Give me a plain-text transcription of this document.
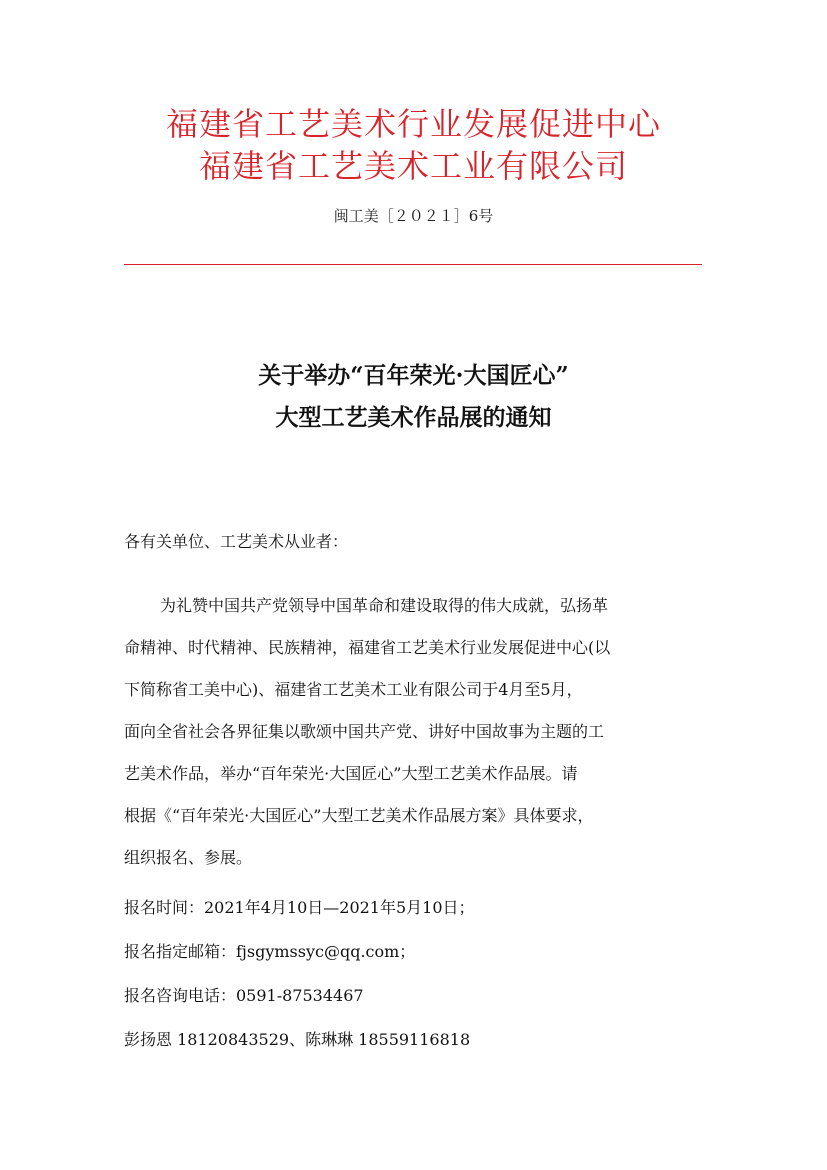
福建省工艺美术行业发展促进中心
福建省工艺美术工业有限公司
闽工美［２０２１］6号
关于举办“百年荣光·大国匠心”
大型工艺美术作品展的通知
各有关单位、工艺美术从业者：
为礼赞中国共产党领导中国革命和建设取得的伟大成就，弘扬革
命精神、时代精神、民族精神，福建省工艺美术行业发展促进中心(以
下简称省工美中心)、福建省工艺美术工业有限公司于4月至5月，
面向全省社会各界征集以歌颂中国共产党、讲好中国故事为主题的工
艺美术作品，举办“百年荣光·大国匠心”大型工艺美术作品展。请
根据《“百年荣光·大国匠心”大型工艺美术作品展方案》具体要求，
组织报名、参展。
报名时间：2021年4月10日—2021年5月10日；
报名指定邮箱：fjsgymssyc@qq.com；
报名咨询电话：0591-87534467
彭扬恩 18120843529、陈琳琳 18559116818
